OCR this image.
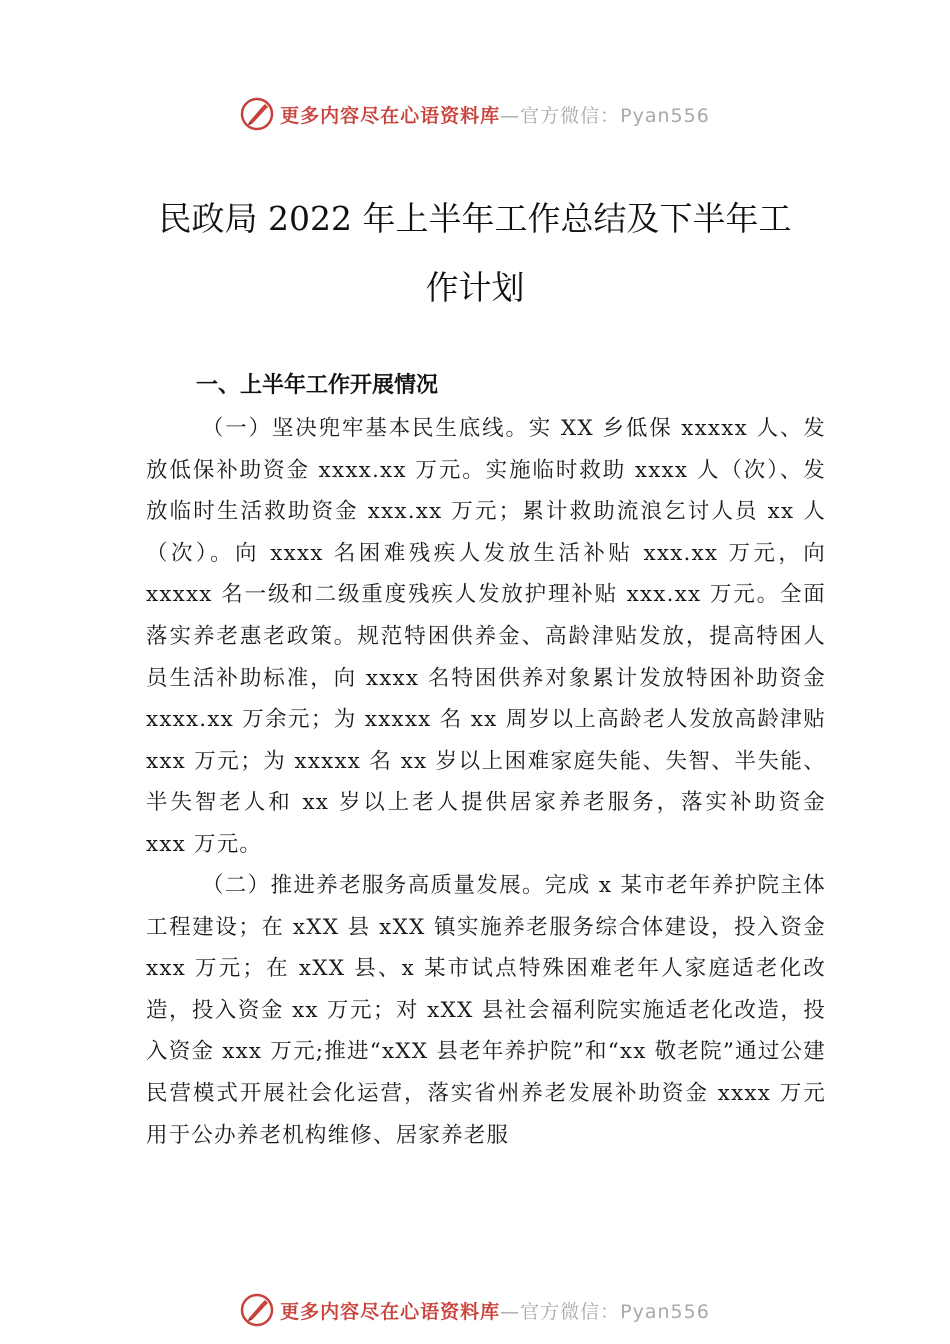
更多内容尽在心语资料库 —官方微信：Pyan556
民政局 2022 年上半年工作总结及下半年工
作计划
一、上半年工作开展情况

（一）坚决兜牢基本民生底线。实 XX 乡低保 xxxxx 人、发放低保补助资金 xxxx.xx 万元。实施临时救助 xxxx 人（次）、发放临时生活救助资金 xxx.xx 万元；累计救助流浪乞讨人员 xx 人（次）。向 xxxx 名困难残疾人发放生活补贴 xxx.xx 万元，向 xxxxx 名一级和二级重度残疾人发放护理补贴 xxx.xx 万元。全面落实养老惠老政策。规范特困供养金、高龄津贴发放，提高特困人员生活补助标准，向 xxxx 名特困供养对象累计发放特困补助资金 xxxx.xx 万余元；为 xxxxx 名 xx 周岁以上高龄老人发放高龄津贴 xxx 万元；为 xxxxx 名 xx 岁以上困难家庭失能、失智、半失能、半失智老人和 xx 岁以上老人提供居家养老服务，落实补助资金 xxx 万元。

（二）推进养老服务高质量发展。完成 x 某市老年养护院主体工程建设；在 xXX 县 xXX 镇实施养老服务综合体建设，投入资金 xxx 万元；在 xXX 县、x 某市试点特殊困难老年人家庭适老化改造，投入资金 xx 万元；对 xXX 县社会福利院实施适老化改造，投入资金 xxx 万元;推进“xXX 县老年养护院”和“xx 敬老院”通过公建民营模式开展社会化运营，落实省州养老发展补助资金 xxxx 万元用于公办养老机构维修、居家养老服

更多内容尽在心语资料库 —官方微信：Pyan556
